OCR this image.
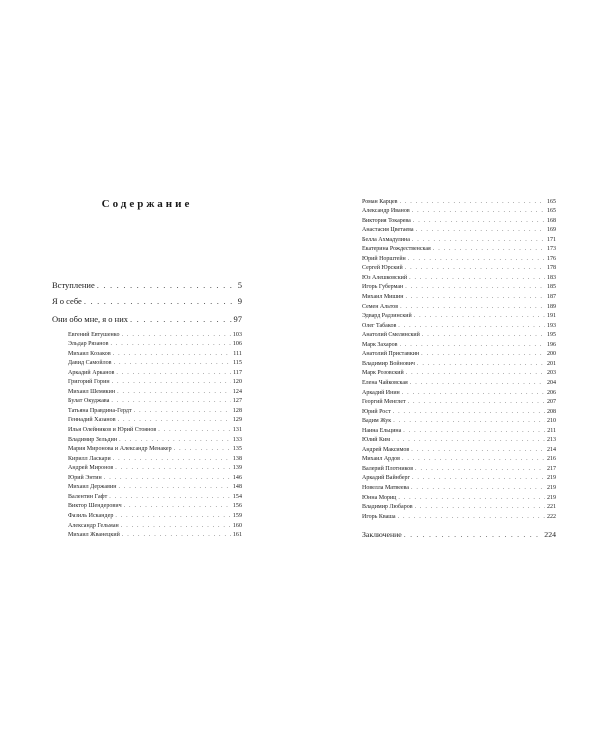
Содержание
Вступление . . .	5
Я о себе . . .	9
Они обо мне, я о них . . .	97
Евгений Евтушенко . . .	103
Эльдар Рязанов . . .	106
Михаил Козаков . . .	111
Давид Самойлов . . .	115
Аркадий Арканов . . .	117
Григорий Горин . . .	120
Михаил Шемякин . . .	124
Булат Окуджава . . .	127
Татьяна Правдина-Гердт . . .	128
Геннадий Хазанов . . .	129
Илья Олейников и Юрий Стоянов . . .	131
Владимир Зельдин . . .	133
Мария Миронова и Александр Менакер . . .	135
Кирилл Ласкари . . .	138
Андрей Миронов . . .	139
Юрий Энтин . . .	146
Михаил Державин . . .	148
Валентин Гафт . . .	154
Виктор Шендерович . . .	156
Фазиль Искандер . . .	159
Александр Гельман . . .	160
Михаил Жванецкий . . .	161
Роман Карцев . . .	165
Александр Иванов . . .	165
Виктория Токарева . . .	168
Анастасия Цветаева . . .	169
Белла Ахмадулина . . .	171
Екатерина Рождественская . . .	173
Юрий Норштейн . . .	176
Сергей Юрский . . .	178
Юз Алешковский . . .	183
Игорь Губерман . . .	185
Михаил Мишин . . .	187
Семен Альтов . . .	189
Эдвард Радзинский . . .	191
Олег Табаков . . .	193
Анатолий Смелянский . . .	195
Марк Захаров . . .	196
Анатолий Приставкин . . .	200
Владимир Войнович . . .	201
Марк Розовский . . .	203
Елена Чайковская . . .	204
Аркадий Инин . . .	206
Георгий Менглет . . .	207
Юрий Рост . . .	208
Вадим Жук . . .	210
Наина Ельцина . . .	211
Юлий Ким . . .	213
Андрей Максимов . . .	214
Михаил Ардов . . .	216
Валерий Плотников . . .	217
Аркадий Вайнберг . . .	219
Новелла Матвеева . . .	219
Юнна Мориц . . .	219
Владимир Любаров . . .	221
Игорь Кваша . . .	222
Заключение . . .	224
